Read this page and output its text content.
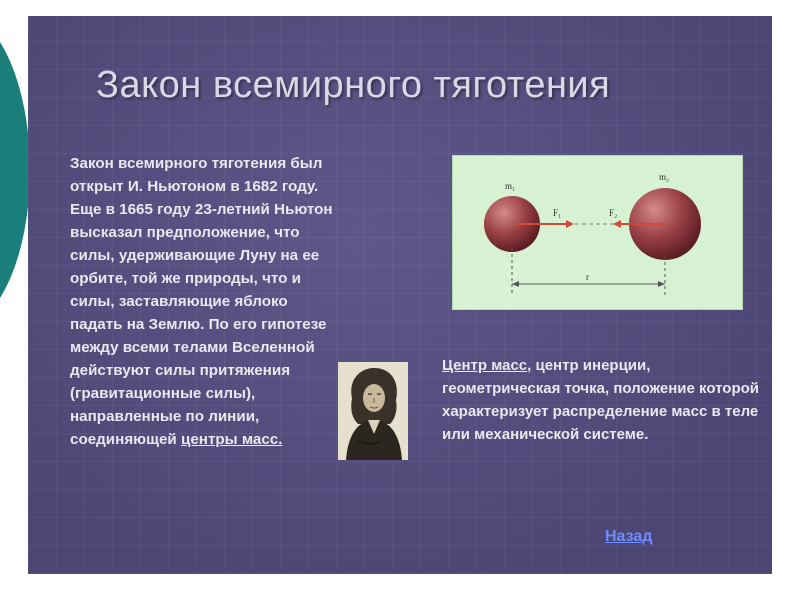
Закон всемирного тяготения

Закон всемирного тяготения был открыт И. Ньютоном в 1682 году. Еще в 1665 году 23-летний Ньютон высказал предположение, что силы, удерживающие Луну на ее орбите, той же природы, что и силы, заставляющие яблоко падать на Землю. По его гипотезе между всеми телами Вселенной действуют силы притяжения (гравитационные силы), направленные по линии, соединяющей центры масс.

m₁
m₂
F₁	F₂
r

Центр масс, центр инерции, геометрическая точка, положение которой характеризует распределение масс в теле или механической системе.

Назад
